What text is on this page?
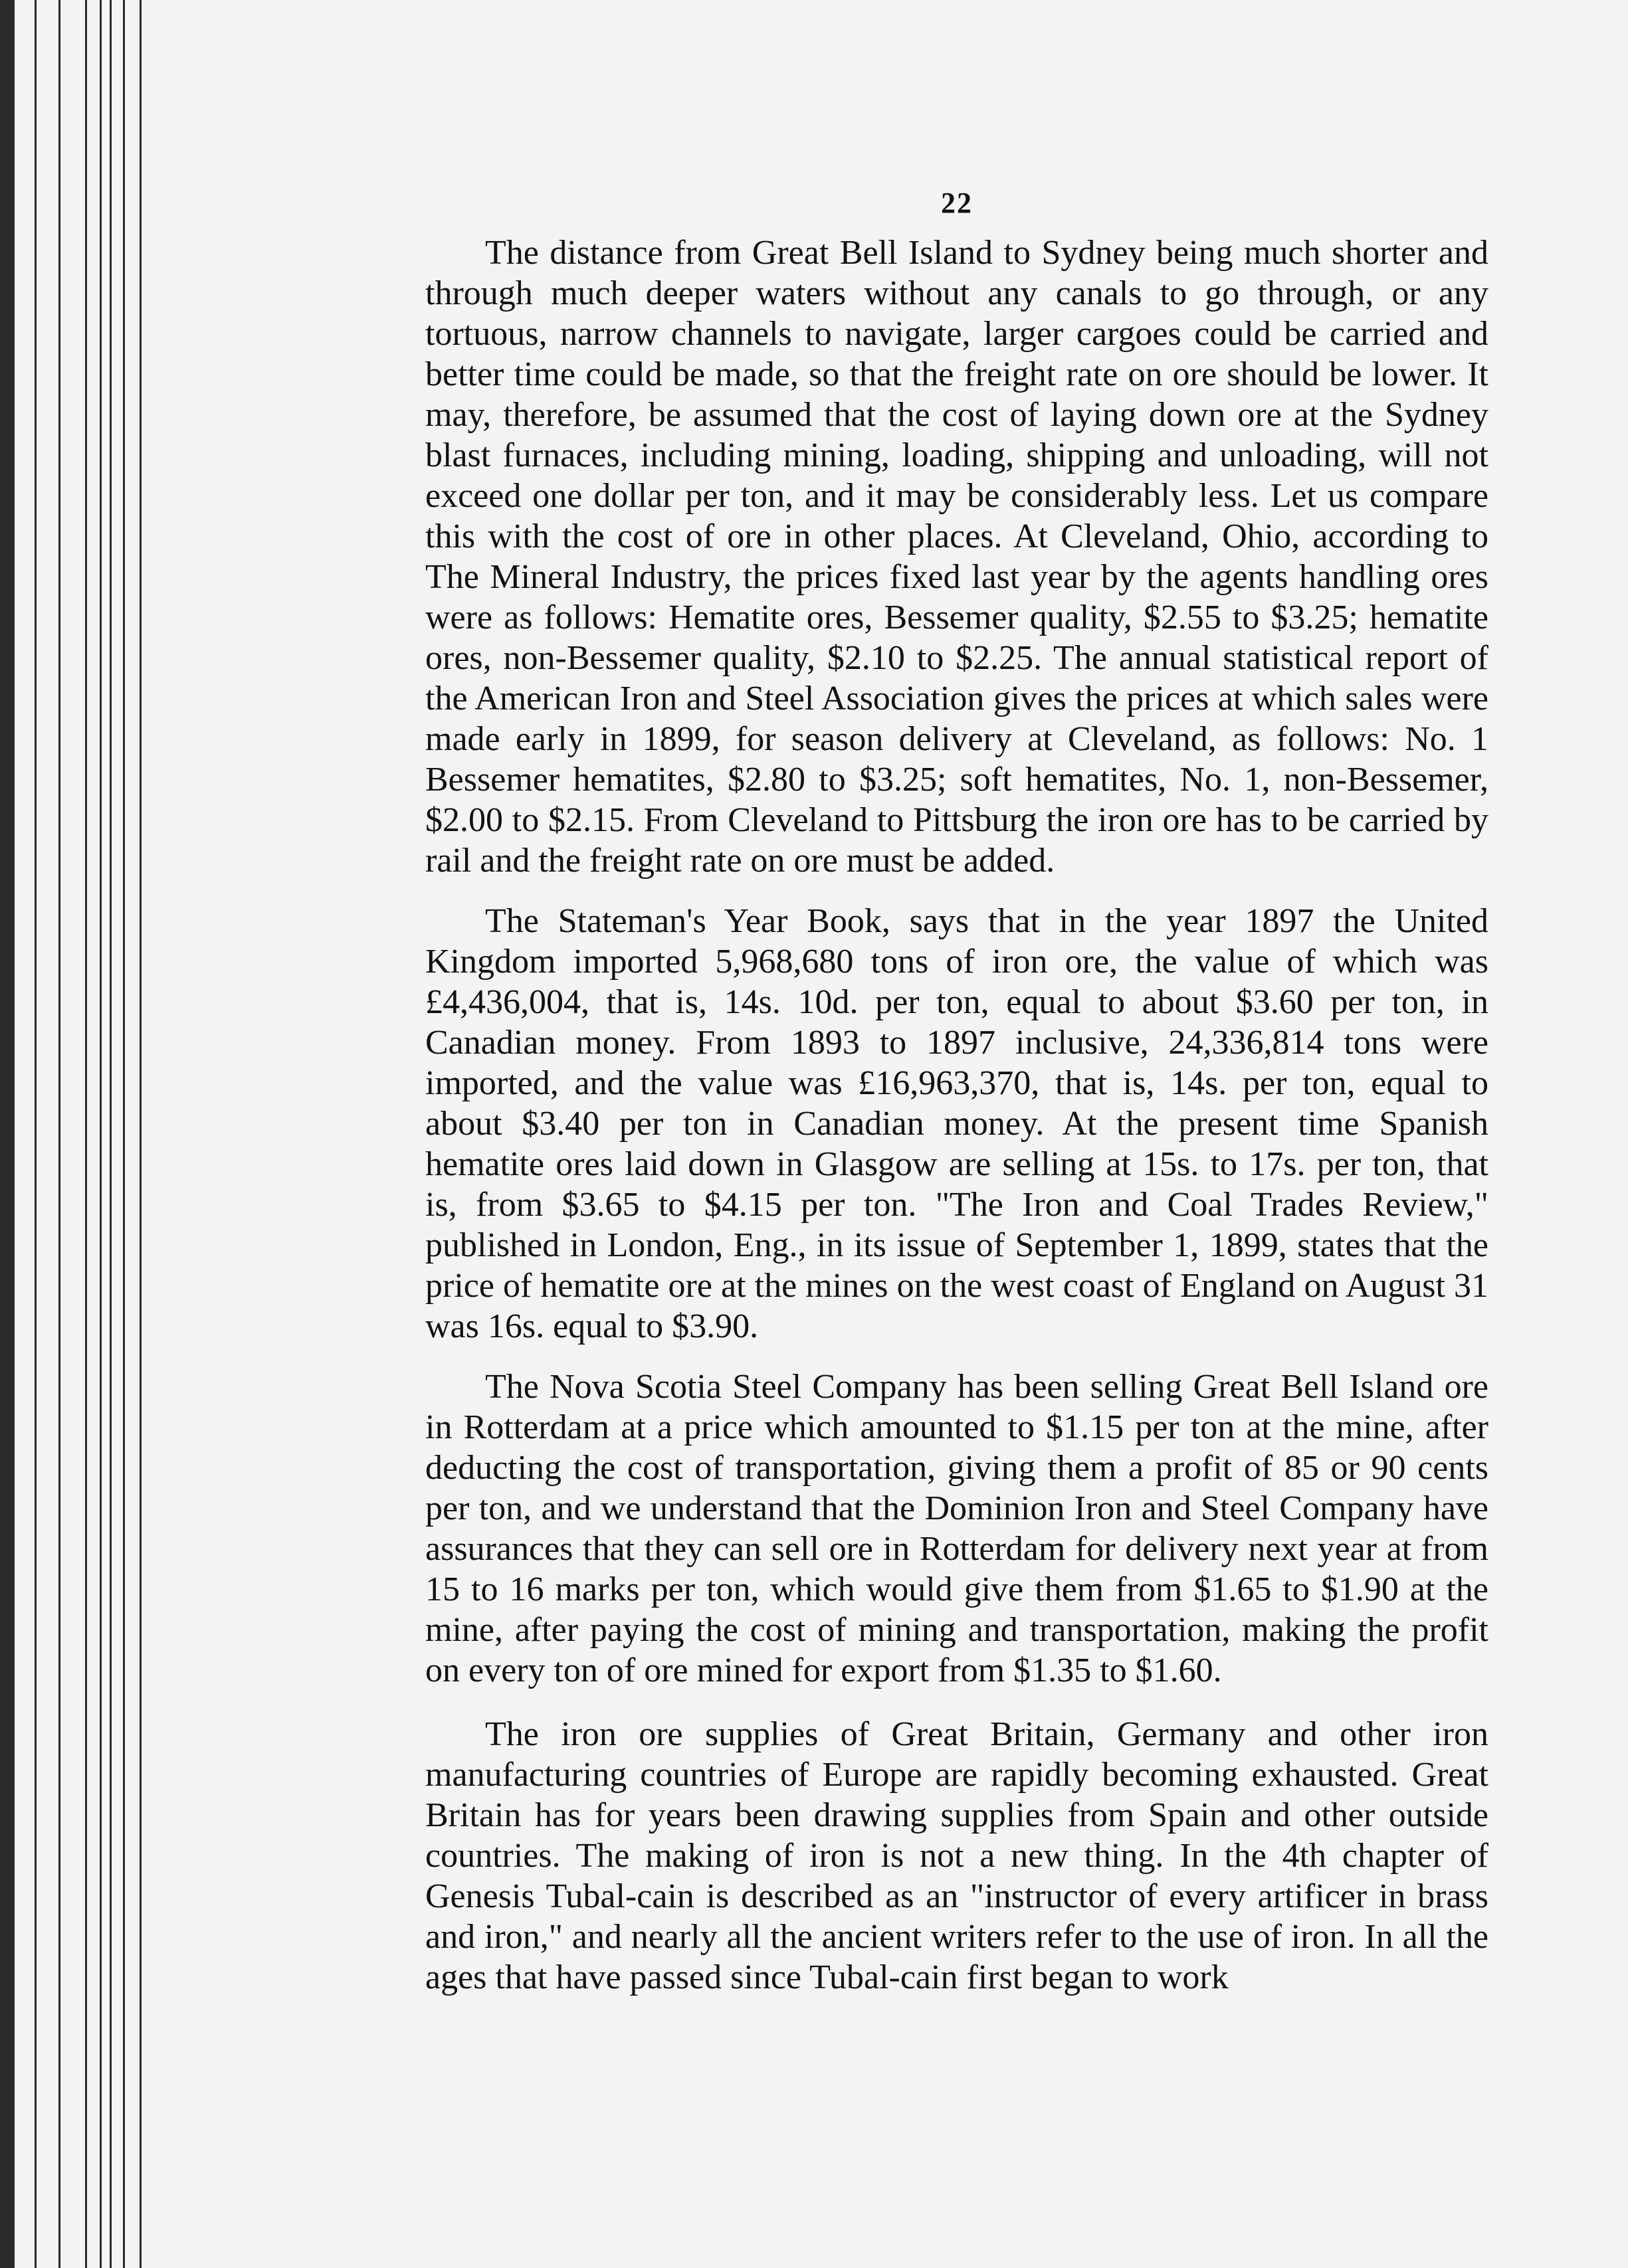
22

The distance from Great Bell Island to Sydney being much shorter and through much deeper waters without any canals to go through, or any tortuous, narrow channels to navigate, larger cargoes could be carried and better time could be made, so that the freight rate on ore should be lower. It may, therefore, be assumed that the cost of laying down ore at the Sydney blast furnaces, including mining, loading, shipping and unloading, will not exceed one dollar per ton, and it may be considerably less. Let us compare this with the cost of ore in other places. At Cleveland, Ohio, according to The Mineral Industry, the prices fixed last year by the agents handling ores were as follows: Hematite ores, Bessemer quality, $2.55 to $3.25; hematite ores, non-Bessemer quality, $2.10 to $2.25. The annual statistical report of the American Iron and Steel Association gives the prices at which sales were made early in 1899, for season delivery at Cleveland, as follows: No. 1 Bessemer hematites, $2.80 to $3.25; soft hematites, No. 1, non-Bessemer, $2.00 to $2.15. From Cleveland to Pittsburg the iron ore has to be carried by rail and the freight rate on ore must be added.

The Stateman's Year Book, says that in the year 1897 the United Kingdom imported 5,968,680 tons of iron ore, the value of which was £4,436,004, that is, 14s. 10d. per ton, equal to about $3.60 per ton, in Canadian money. From 1893 to 1897 inclusive, 24,336,814 tons were imported, and the value was £16,963,370, that is, 14s. per ton, equal to about $3.40 per ton in Canadian money. At the present time Spanish hematite ores laid down in Glasgow are selling at 15s. to 17s. per ton, that is, from $3.65 to $4.15 per ton. "The Iron and Coal Trades Review," published in London, Eng., in its issue of September 1, 1899, states that the price of hematite ore at the mines on the west coast of England on August 31 was 16s. equal to $3.90.

The Nova Scotia Steel Company has been selling Great Bell Island ore in Rotterdam at a price which amounted to $1.15 per ton at the mine, after deducting the cost of transportation, giving them a profit of 85 or 90 cents per ton, and we understand that the Dominion Iron and Steel Company have assurances that they can sell ore in Rotterdam for delivery next year at from 15 to 16 marks per ton, which would give them from $1.65 to $1.90 at the mine, after paying the cost of mining and transportation, making the profit on every ton of ore mined for export from $1.35 to $1.60.

The iron ore supplies of Great Britain, Germany and other iron manufacturing countries of Europe are rapidly becoming exhausted. Great Britain has for years been drawing supplies from Spain and other outside countries. The making of iron is not a new thing. In the 4th chapter of Genesis Tubal-cain is described as an "instructor of every artificer in brass and iron," and nearly all the ancient writers refer to the use of iron. In all the ages that have passed since Tubal-cain first began to work
